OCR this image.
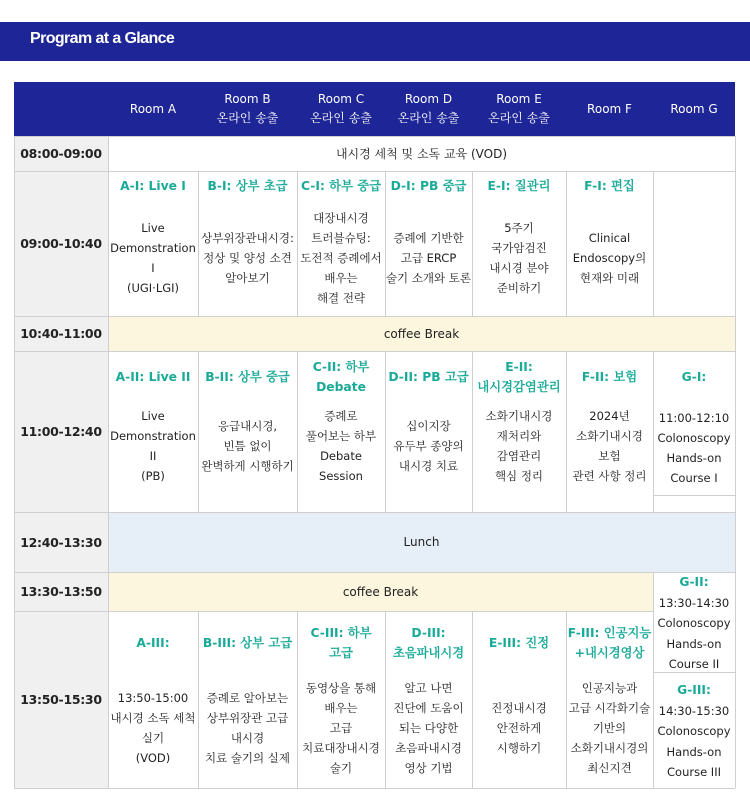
Program at a Glance
Room A
Room B
온라인 송출
Room C
온라인 송출
Room D
온라인 송출
Room E
온라인 송출
Room F	Room G
08:00-09:00
09:00-10:40
10:40-11:00
11:00-12:40
12:40-13:30
13:30-13:50
13:50-15:30
내시경 세척 및 소독 교육 (VOD)
coffee Break
Lunch
coffee Break
A-I: Live I
Live
Demonstration
I
(UGI·LGI)
B-I: 상부 초급
상부위장관내시경:
정상 및 양성 소견
알아보기
C-I: 하부 중급
대장내시경
트러블슈팅:
도전적 증례에서
배우는
해결 전략
D-I: PB 중급
증례에 기반한
고급 ERCP
술기 소개와 토론
E-I: 질관리
5주기
국가암검진
내시경 분야
준비하기
F-I: 편집
Clinical
Endoscopy의
현재와 미래
A-II: Live II
Live
Demonstration
II
(PB)
B-II: 상부 중급
응급내시경,
빈틈 없이
완벽하게 시행하기
C-II: 하부
Debate
증례로
풀어보는 하부
Debate
Session
D-II: PB 고급
십이지장
유두부 종양의
내시경 치료
E-II:
내시경감염관리
소화기내시경
재처리와
감염관리
핵심 정리
F-II: 보험
2024년
소화기내시경
보험
관련 사항 정리
G-I:
11:00-12:10
Colonoscopy
Hands-on
Course I
A-III:
13:50-15:00
내시경 소독 세척
실기
(VOD)
B-III: 상부 고급
증례로 알아보는
상부위장관 고급
내시경
치료 술기의 실제
C-III: 하부
고급
동영상을 통해
배우는
고급
치료대장내시경
술기
D-III:
초음파내시경
알고 나면
진단에 도움이
되는 다양한
초음파내시경
영상 기법
E-III: 진정
진정내시경
안전하게
시행하기
F-III: 인공지능
+내시경영상
인공지능과
고급 시각화기술
기반의
소화기내시경의
최신지견
G-II:
13:30-14:30
Colonoscopy
Hands-on
Course II
G-III:
14:30-15:30
Colonoscopy
Hands-on
Course III
